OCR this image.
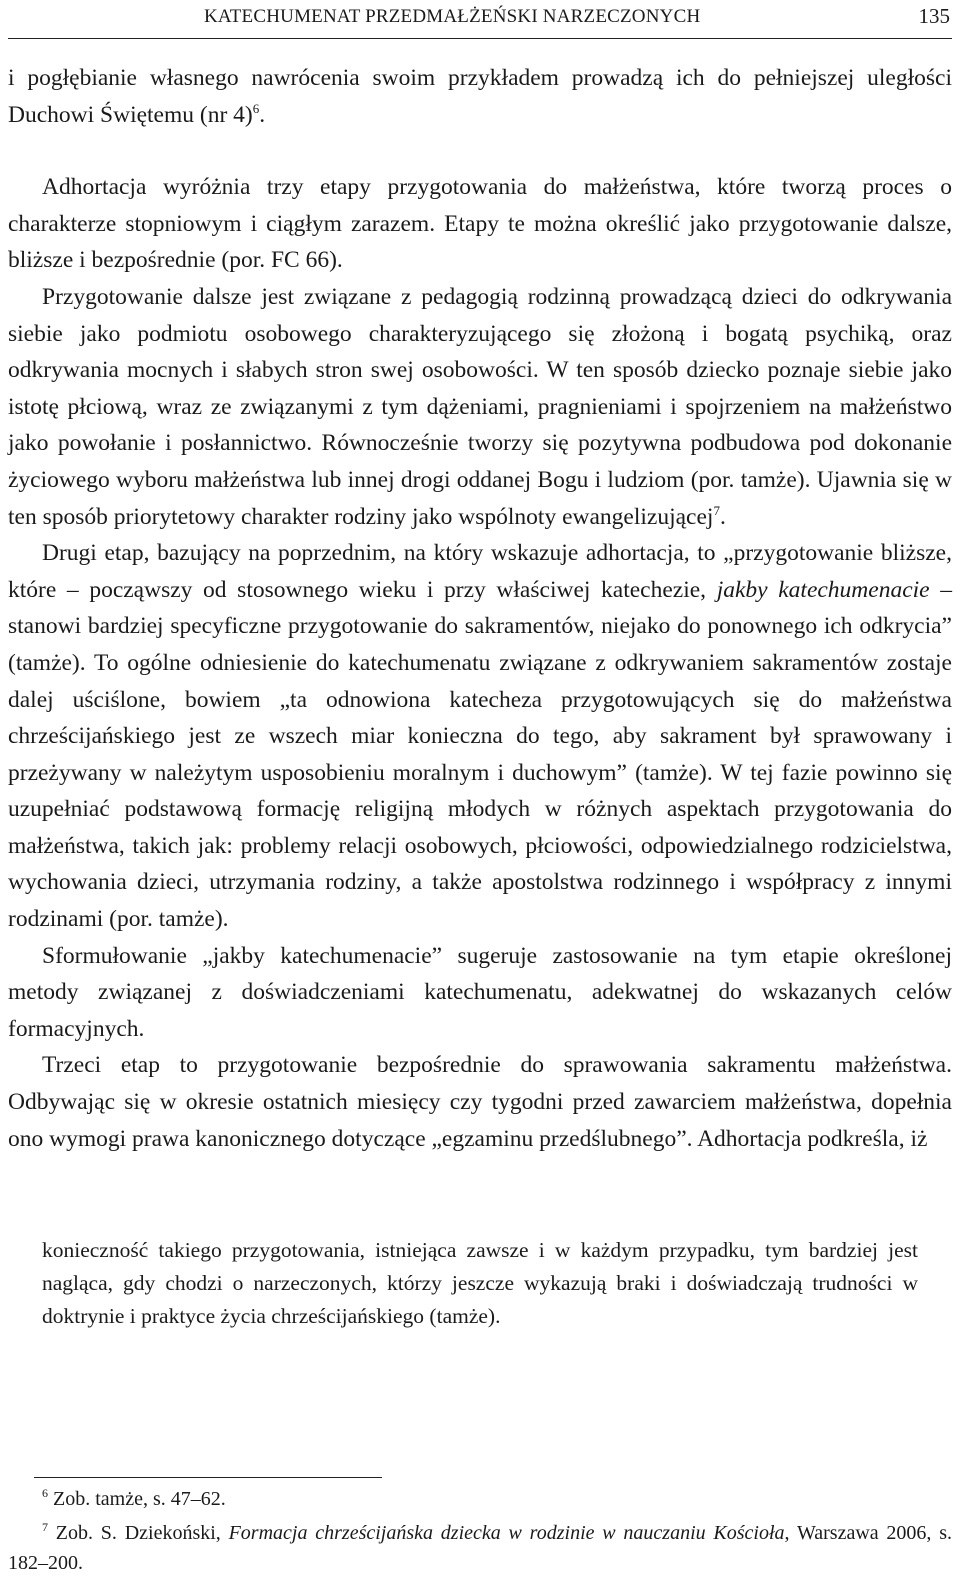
KATECHUMENAT PRZEDMAŁŻEŃSKI NARZECZONYCH	135

i pogłębianie własnego nawrócenia swoim przykładem prowadzą ich do pełniejszej uległości Duchowi Świętemu (nr 4)$^6$.

Adhortacja wyróżnia trzy etapy przygotowania do małżeństwa, które tworzą proces o charakterze stopniowym i ciągłym zarazem. Etapy te można określić jako przygotowanie dalsze, bliższe i bezpośrednie (por. FC 66).

Przygotowanie dalsze jest związane z pedagogią rodzinną prowadzącą dzieci do odkrywania siebie jako podmiotu osobowego charakteryzującego się złożoną i bogatą psychiką, oraz odkrywania mocnych i słabych stron swej osobowości. W ten sposób dziecko poznaje siebie jako istotę płciową, wraz ze związanymi z tym dążeniami, pragnieniami i spojrzeniem na małżeństwo jako powołanie i posłannictwo. Równocześnie tworzy się pozytywna podbudowa pod dokonanie życiowego wyboru małżeństwa lub innej drogi oddanej Bogu i ludziom (por. tamże). Ujawnia się w ten sposób priorytetowy charakter rodziny jako wspólnoty ewangelizującej$^7$.

Drugi etap, bazujący na poprzednim, na który wskazuje adhortacja, to „przygotowanie bliższe, które – począwszy od stosownego wieku i przy właściwej katechezie, jakby katechumenacie – stanowi bardziej specyficzne przygotowanie do sakramentów, niejako do ponownego ich odkrycia” (tamże). To ogólne odniesienie do katechumenatu związane z odkrywaniem sakramentów zostaje dalej uściślone, bowiem „ta odnowiona katecheza przygotowujących się do małżeństwa chrześcijańskiego jest ze wszech miar konieczna do tego, aby sakrament był sprawowany i przeżywany w należytym usposobieniu moralnym i duchowym” (tamże). W tej fazie powinno się uzupełniać podstawową formację religijną młodych w różnych aspektach przygotowania do małżeństwa, takich jak: problemy relacji osobowych, płciowości, odpowiedzialnego rodzicielstwa, wychowania dzieci, utrzymania rodziny, a także apostolstwa rodzinnego i współpracy z innymi rodzinami (por. tamże).

Sformułowanie „jakby katechumenacie” sugeruje zastosowanie na tym etapie określonej metody związanej z doświadczeniami katechumenatu, adekwatnej do wskazanych celów formacyjnych.

Trzeci etap to przygotowanie bezpośrednie do sprawowania sakramentu małżeństwa. Odbywając się w okresie ostatnich miesięcy czy tygodni przed zawarciem małżeństwa, dopełnia ono wymogi prawa kanonicznego dotyczące „egzaminu przedślubnego”. Adhortacja podkreśla, iż

konieczność takiego przygotowania, istniejąca zawsze i w każdym przypadku, tym bardziej jest nagląca, gdy chodzi o narzeczonych, którzy jeszcze wykazują braki i doświadczają trudności w doktrynie i praktyce życia chrześcijańskiego (tamże).

$^6$ Zob. tamże, s. 47–62.

$^7$ Zob. S. Dziekoński, Formacja chrześcijańska dziecka w rodzinie w nauczaniu Kościoła, Warszawa 2006, s. 182–200.
